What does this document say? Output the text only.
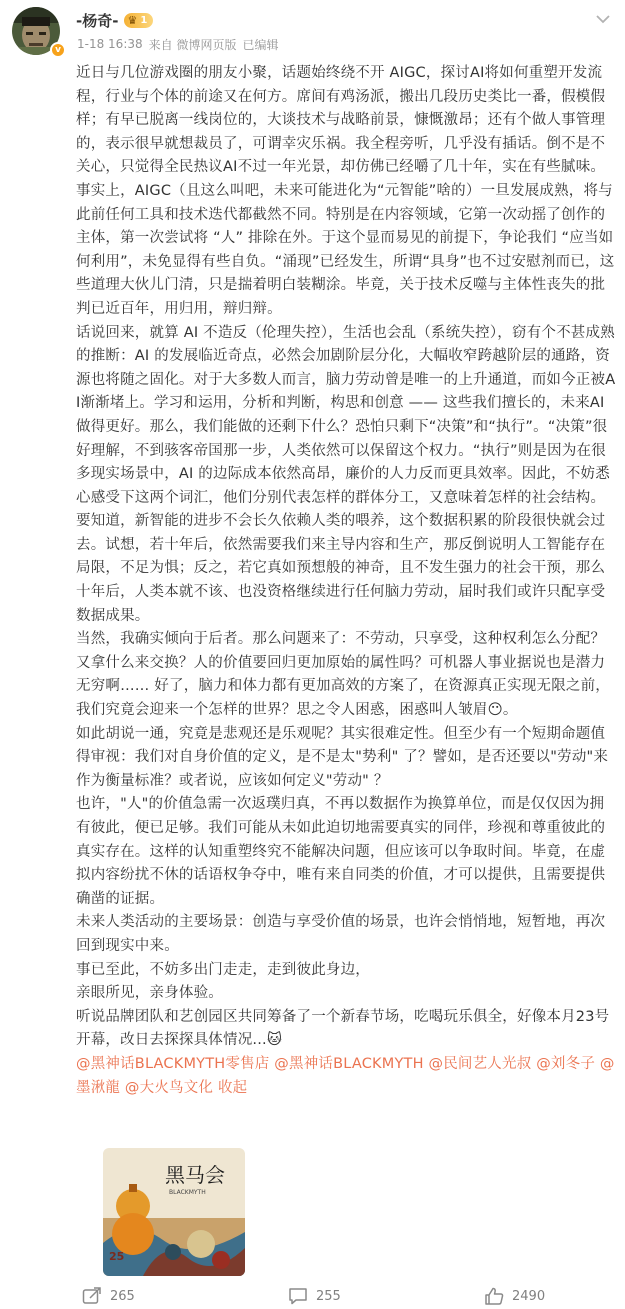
v
-杨奇- ♛ 1
1-18 16:38 来自 微博网页版 已编辑

近日与几位游戏圈的朋友小聚，话题始终绕不开 AIGC，探讨AI将如何重塑开发流程，行业与个体的前途又在何方。席间有鸡汤派，搬出几段历史类比一番，假模假样；有早已脱离一线岗位的，大谈技术与战略前景，慷慨激昂；还有个做人事管理的，表示很早就想裁员了，可谓幸灾乐祸。我全程旁听，几乎没有插话。倒不是不关心，只觉得全民热议AI不过一年光景，却仿佛已经嚼了几十年，实在有些腻味。

事实上，AIGC（且这么叫吧，未来可能进化为“元智能”啥的）一旦发展成熟，将与此前任何工具和技术迭代都截然不同。特别是在内容领域，它第一次动摇了创作的主体，第一次尝试将 “人” 排除在外。于这个显而易见的前提下，争论我们 “应当如何利用”，未免显得有些自负。“涌现”已经发生，所谓“具身”也不过安慰剂而已，这些道理大伙儿门清，只是揣着明白装糊涂。毕竟，关于技术反噬与主体性丧失的批判已近百年，用归用，辩归辩。

话说回来，就算 AI 不造反（伦理失控），生活也会乱（系统失控），窃有个不甚成熟的推断：AI 的发展临近奇点，必然会加剧阶层分化，大幅收窄跨越阶层的通路，资源也将随之固化。对于大多数人而言，脑力劳动曾是唯一的上升通道，而如今正被AI渐渐堵上。学习和运用，分析和判断，构思和创意 —— 这些我们擅长的，未来AI 做得更好。那么，我们能做的还剩下什么？恐怕只剩下“决策”和“执行”。“决策”很好理解，不到骇客帝国那一步，人类依然可以保留这个权力。“执行”则是因为在很多现实场景中，AI 的边际成本依然高昂，廉价的人力反而更具效率。因此，不妨悉心感受下这两个词汇，他们分别代表怎样的群体分工，又意味着怎样的社会结构。

要知道，新智能的进步不会长久依赖人类的喂养，这个数据积累的阶段很快就会过去。试想，若十年后，依然需要我们来主导内容和生产，那反倒说明人工智能存在局限，不足为惧；反之，若它真如预想般的神奇，且不发生强力的社会干预，那么十年后，人类本就不该、也没资格继续进行任何脑力劳动，届时我们或许只配享受数据成果。

当然，我确实倾向于后者。那么问题来了：不劳动，只享受，这种权利怎么分配？又拿什么来交换？人的价值要回归更加原始的属性吗？可机器人事业据说也是潜力无穷啊…… 好了，脑力和体力都有更加高效的方案了，在资源真正实现无限之前，我们究竟会迎来一个怎样的世界？思之令人困惑，困惑叫人皱眉😶。

如此胡说一通，究竟是悲观还是乐观呢？其实很难定性。但至少有一个短期命题值得审视：我们对自身价值的定义，是不是太"势利" 了？譬如，是否还要以"劳动"来作为衡量标准？或者说，应该如何定义"劳动" ？

也许，"人"的价值急需一次返璞归真，不再以数据作为换算单位，而是仅仅因为拥有彼此，便已足够。我们可能从未如此迫切地需要真实的同伴，珍视和尊重彼此的真实存在。这样的认知重塑终究不能解决问题，但应该可以争取时间。毕竟，在虚拟内容纷扰不休的话语权争夺中，唯有来自同类的价值，才可以提供，且需要提供确凿的证据。

未来人类活动的主要场景：创造与享受价值的场景，也许会悄悄地，短暂地，再次回到现实中来。

事已至此，不妨多出门走走，走到彼此身边，

亲眼所见，亲身体验。

听说品牌团队和艺创园区共同筹备了一个新春节场，吃喝玩乐俱全，好像本月23号开幕，改日去探探具体情况...🐱

@黑神话BLACKMYTH零售店 @黑神话BLACKMYTH @民间艺人光叔 @刘冬子 @墨湫龍 @大火鸟文化 收起

黑马会
BLACKMYTH
25
265	255	2490
